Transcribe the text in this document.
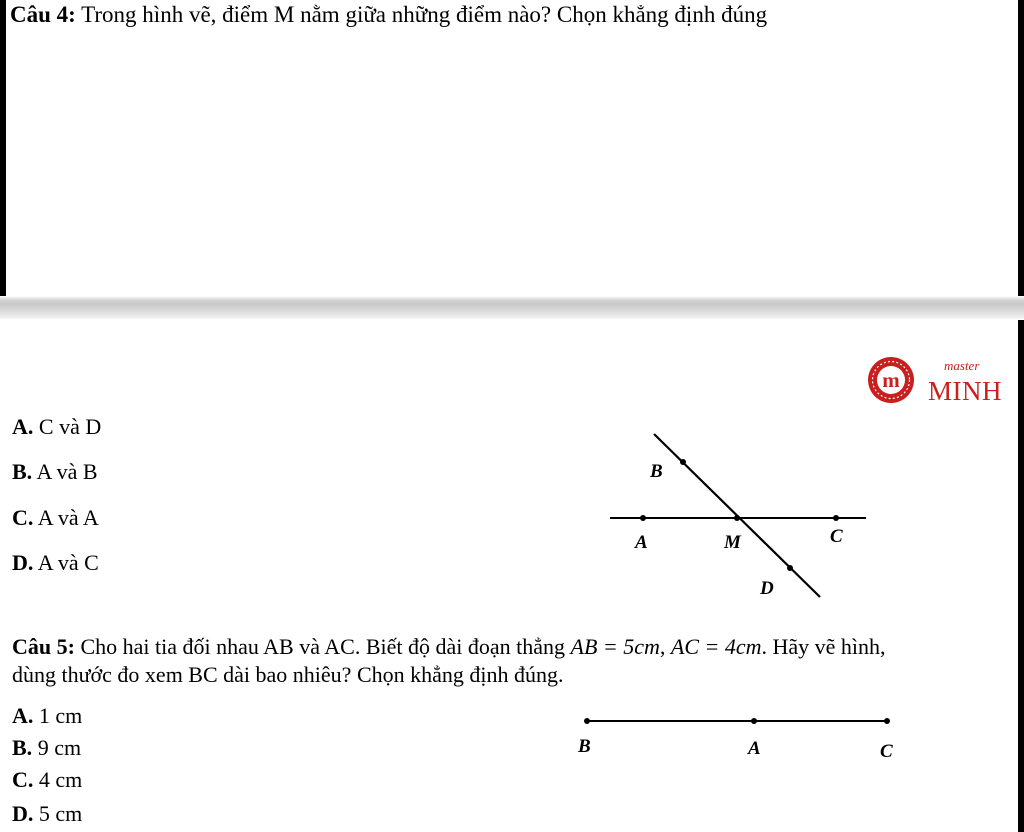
Câu 4: Trong hình vẽ, điểm M nằm giữa những điểm nào? Chọn khẳng định đúng
m
master
MINH
A. C và D
B. A và B
C. A và A
D. A và C
B
A	M	C
D
Câu 5: Cho hai tia đối nhau AB và AC. Biết độ dài đoạn thẳng AB = 5cm, AC = 4cm. Hãy vẽ hình,
dùng thước đo xem BC dài bao nhiêu? Chọn khẳng định đúng.
A. 1 cm
B. 9 cm
C. 4 cm
D. 5 cm
B	A	C
